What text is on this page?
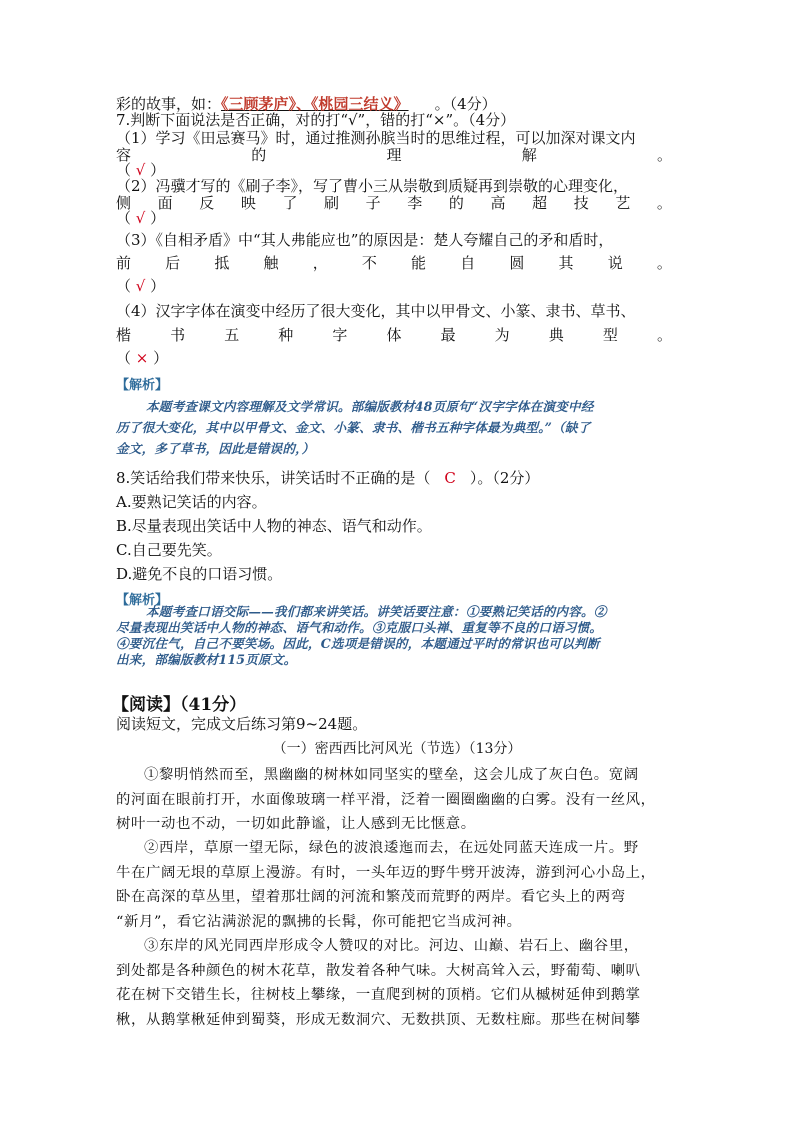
彩的故事，如：《三顾茅庐》、《桃园三结义》 。（4分）
7.判断下面说法是否正确，对的打“√”，错的打“×”。（4分）
（1）学习《田忌赛马》时，通过推测孙膑当时的思维过程，可以加深对课文内
容	的	理	解	。
（ √ ）
（2）冯骥才写的《刷子李》，写了曹小三从崇敬到质疑再到崇敬的心理变化，
侧 面 反 映 了 刷 子 李 的 高 超 技 艺 。
（ √ ）
（3）《自相矛盾》中“其人弗能应也”的原因是：楚人夸耀自己的矛和盾时，
前 后 抵 触 ， 不 能 自 圆 其 说 。
（ √ ）
（4）汉字字体在演变中经历了很大变化，其中以甲骨文、小篆、隶书、草书、
楷	书	五	种	字	体	最	为	典	型	。
（ × ）
【解析】
本题考查课文内容理解及文学常识。部编版教材48页原句“汉字字体在演变中经
历了很大变化，其中以甲骨文、金文、小篆、隶书、楷书五种字体最为典型。”（缺了
金文，多了草书，因此是错误的，）
8.笑话给我们带来快乐，讲笑话时不正确的是（ C ）。（2分）
A.要熟记笑话的内容。
B.尽量表现出笑话中人物的神态、语气和动作。
C.自己要先笑。
D.避免不良的口语习惯。
【解析】
本题考查口语交际——我们都来讲笑话。讲笑话要注意：①要熟记笑话的内容。②
尽量表现出笑话中人物的神态、语气和动作。③克服口头禅、重复等不良的口语习惯。
④要沉住气，自己不要笑场。因此，C选项是错误的，本题通过平时的常识也可以判断
出来，部编版教材115页原文。
【阅读】（41分）
阅读短文，完成文后练习第9~24题。
（一）密西西比河风光（节选）（13分）
①黎明悄然而至，黑幽幽的树林如同坚实的壁垒，这会儿成了灰白色。宽阔
的河面在眼前打开，水面像玻璃一样平滑，泛着一圈圈幽幽的白雾。没有一丝风，
树叶一动也不动，一切如此静谧，让人感到无比惬意。
②西岸，草原一望无际，绿色的波浪逶迤而去，在远处同蓝天连成一片。野
牛在广阔无垠的草原上漫游。有时，一头年迈的野牛劈开波涛，游到河心小岛上，
卧在高深的草丛里，望着那壮阔的河流和繁茂而荒野的两岸。看它头上的两弯
“新月”，看它沾满淤泥的飘拂的长髯，你可能把它当成河神。
③东岸的风光同西岸形成令人赞叹的对比。河边、山巅、岩石上、幽谷里，
到处都是各种颜色的树木花草，散发着各种气味。大树高耸入云，野葡萄、喇叭
花在树下交错生长，往树枝上攀缘，一直爬到树的顶梢。它们从槭树延伸到鹅掌
楸，从鹅掌楸延伸到蜀葵，形成无数洞穴、无数拱顶、无数柱廊。那些在树间攀
